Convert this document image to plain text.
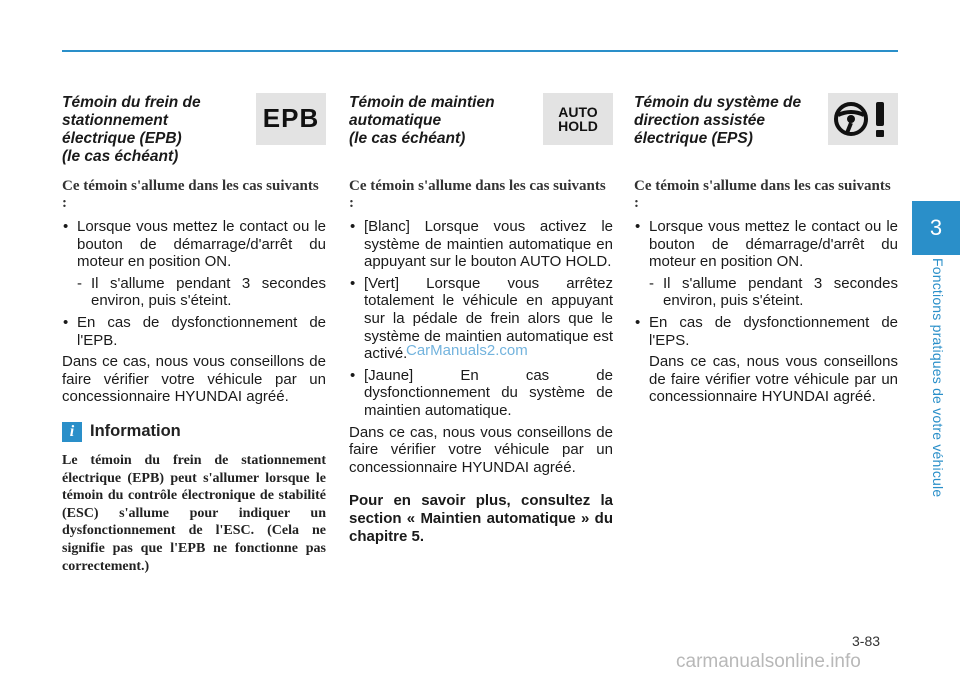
3
Fonctions pratiques de votre véhicule
Témoin du frein de
stationnement
électrique (EPB)
(le cas échéant)
EPB
Ce témoin s'allume dans les cas suivants :
• Lorsque vous mettez le contact ou le bouton de démarrage/d'arrêt du moteur en position ON.
- Il s'allume pendant 3 secondes environ, puis s'éteint.
• En cas de dysfonctionnement de l'EPB.

Dans ce cas, nous vous conseillons de faire vérifier votre véhicule par un concessionnaire HYUNDAI agréé.

i Information
Le témoin du frein de stationnement électrique (EPB) peut s'allumer lorsque le témoin du contrôle électronique de stabilité (ESC) s'allume pour indiquer un dysfonctionnement de l'ESC. (Cela ne signifie pas que l'EPB ne fonctionne pas correctement.)
Témoin de maintien
automatique
(le cas échéant)
AUTO
HOLD
Ce témoin s'allume dans les cas suivants :
• [Blanc] Lorsque vous activez le système de maintien automatique en appuyant sur le bouton AUTO HOLD.
• [Vert] Lorsque vous arrêtez totalement le véhicule en appuyant sur la pédale de frein alors que le système de maintien automatique est activé.
• [Jaune] En cas de dysfonctionnement du système de maintien automatique.

Dans ce cas, nous vous conseillons de faire vérifier votre véhicule par un concessionnaire HYUNDAI agréé.

Pour en savoir plus, consultez la section « Maintien automatique » du chapitre 5.
Témoin du système de
direction assistée
électrique (EPS)
Ce témoin s'allume dans les cas suivants :
• Lorsque vous mettez le contact ou le bouton de démarrage/d'arrêt du moteur en position ON.
- Il s'allume pendant 3 secondes environ, puis s'éteint.
• En cas de dysfonctionnement de l'EPS.
Dans ce cas, nous vous conseillons de faire vérifier votre véhicule par un concessionnaire HYUNDAI agréé.
3-83
CarManuals2.com
carmanualsonline.info
